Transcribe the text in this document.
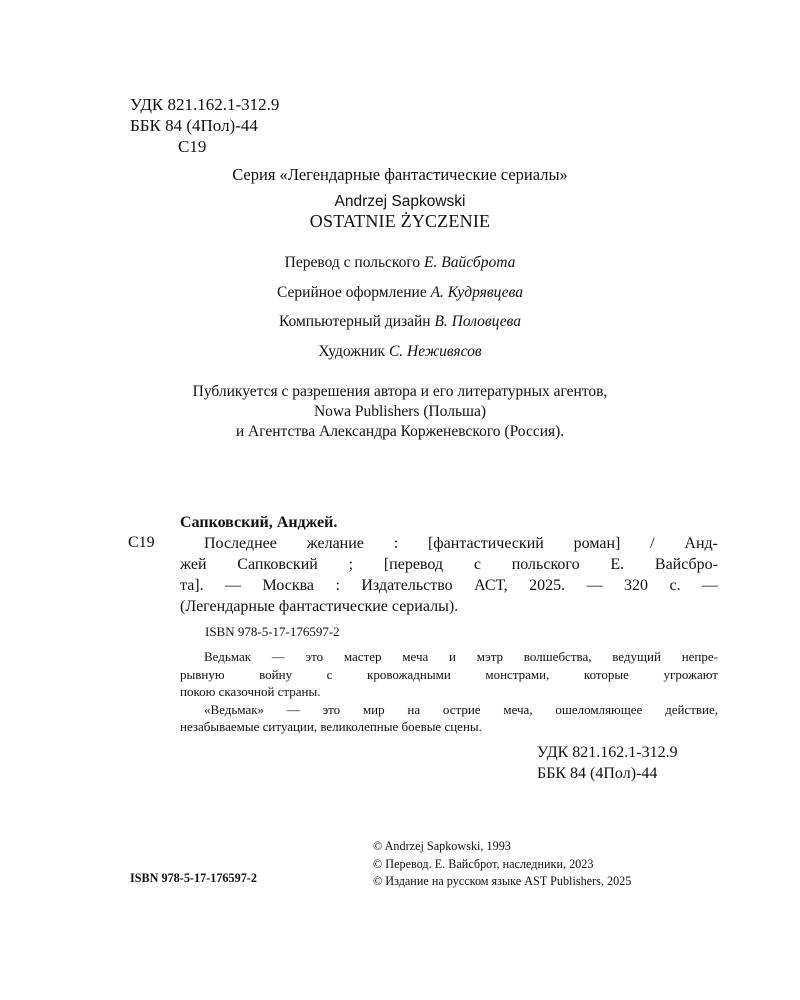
УДК 821.162.1-312.9
ББК 84 (4Пол)-44
С19
Серия «Легендарные фантастические сериалы»
Andrzej Sapkowski
OSTATNIE ŻYCZENIE
Перевод с польского Е. Вайсброта
Серийное оформление А. Кудрявцева
Компьютерный дизайн В. Половцева
Художник С. Неживясов
Публикуется с разрешения автора и его литературных агентов,
Nowa Publishers (Польша)
и Агентства Александра Корженевского (Россия).
Сапковский, Анджей.
С19	Последнее желание : [фантастический роман] / Анд-
жей Сапковский ; [перевод с польского Е. Вайсбро-
та]. — Москва : Издательство АСТ, 2025. — 320 с. —
(Легендарные фантастические сериалы).
ISBN 978-5-17-176597-2
Ведьмак — это мастер меча и мэтр волшебства, ведущий непре-
рывную войну с кровожадными монстрами, которые угрожают
покою сказочной страны.
«Ведьмак» — это мир на острие меча, ошеломляющее действие,
незабываемые ситуации, великолепные боевые сцены.
УДК 821.162.1-312.9
ББК 84 (4Пол)-44
© Andrzej Sapkowski, 1993
© Перевод. Е. Вайсброт, наследники, 2023
© Издание на русском языке AST Publishers, 2025
ISBN 978-5-17-176597-2
